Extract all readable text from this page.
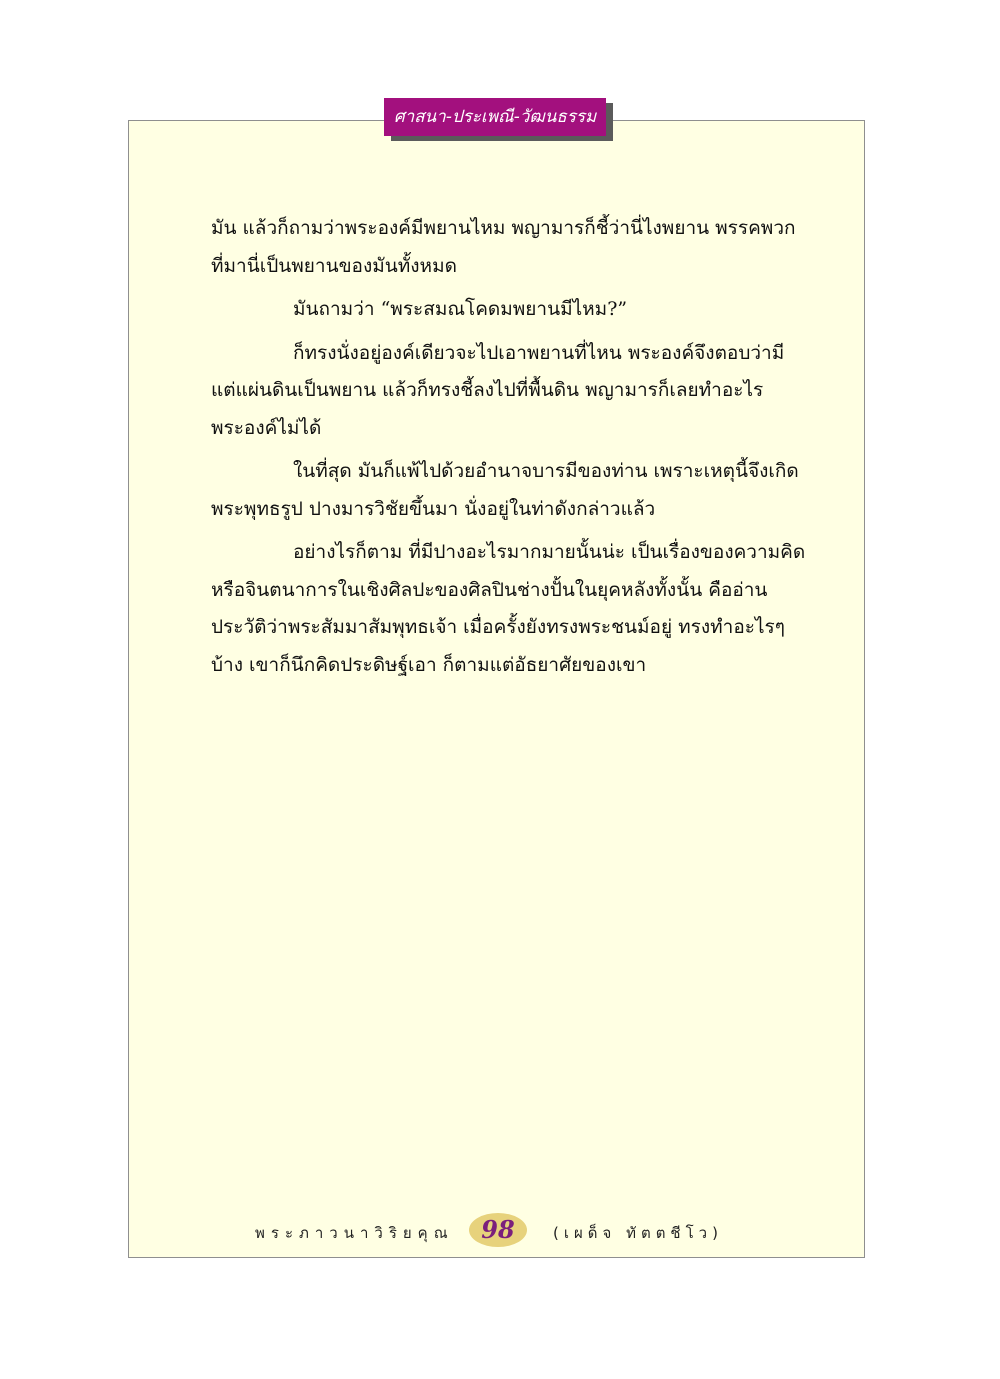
ศาสนา-ประเพณี-วัฒนธรรม

มัน แล้วก็ถามว่าพระองค์มีพยานไหม พญามารก็ชี้ว่านี่ไงพยาน พรรคพวกที่มานี่เป็นพยานของมันทั้งหมด

มันถามว่า “พระสมณโคดมพยานมีไหม?”

ก็ทรงนั่งอยู่องค์เดียวจะไปเอาพยานที่ไหน พระองค์จึงตอบว่ามีแต่แผ่นดินเป็นพยาน แล้วก็ทรงชี้ลงไปที่พื้นดิน พญามารก็เลยทำอะไรพระองค์ไม่ได้

ในที่สุด มันก็แพ้ไปด้วยอำนาจบารมีของท่าน เพราะเหตุนี้จึงเกิดพระพุทธรูป ปางมารวิชัยขึ้นมา นั่งอยู่ในท่าดังกล่าวแล้ว

อย่างไรก็ตาม ที่มีปางอะไรมากมายนั้นน่ะ เป็นเรื่องของความคิด หรือจินตนาการในเชิงศิลปะของศิลปินช่างปั้นในยุคหลังทั้งนั้น คืออ่านประวัติว่าพระสัมมาสัมพุทธเจ้า เมื่อครั้งยังทรงพระชนม์อยู่ ทรงทำอะไรๆ บ้าง เขาก็นึกคิดประดิษฐ์เอา ก็ตามแต่อัธยาศัยของเขา

พระภาวนาวิริยคุณ	98	(เผด็จ ทัตตชีโว)
